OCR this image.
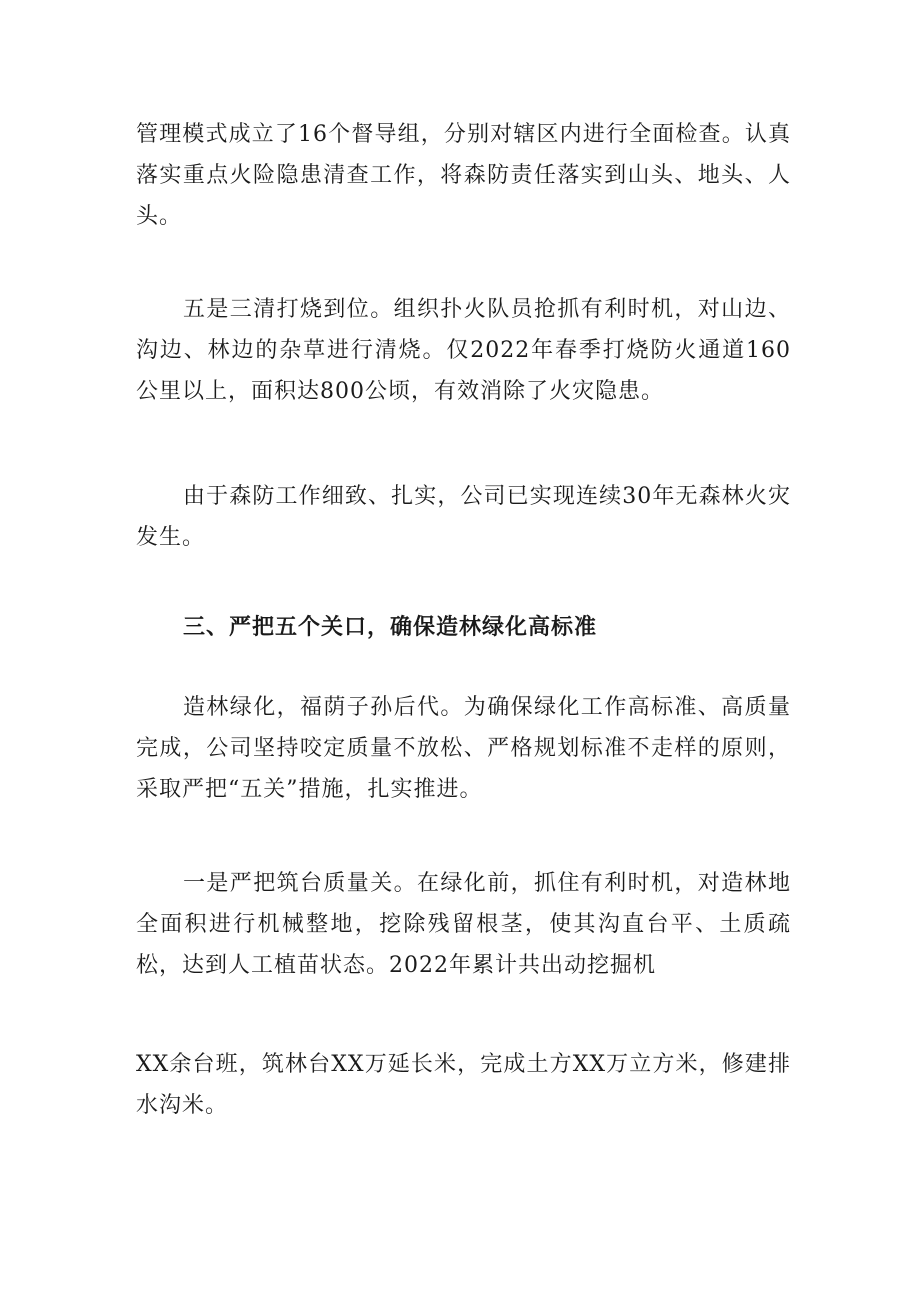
管理模式成立了16个督导组，分别对辖区内进行全面检查。认真落实重点火险隐患清查工作，将森防责任落实到山头、地头、人头。

五是三清打烧到位。组织扑火队员抢抓有利时机，对山边、沟边、林边的杂草进行清烧。仅2022年春季打烧防火通道160公里以上，面积达800公顷，有效消除了火灾隐患。

由于森防工作细致、扎实，公司已实现连续30年无森林火灾发生。

三、严把五个关口，确保造林绿化高标准

造林绿化，福荫子孙后代。为确保绿化工作高标准、高质量完成，公司坚持咬定质量不放松、严格规划标准不走样的原则，采取严把“五关”措施，扎实推进。

一是严把筑台质量关。在绿化前，抓住有利时机，对造林地全面积进行机械整地，挖除残留根茎，使其沟直台平、土质疏松，达到人工植苗状态。2022年累计共出动挖掘机

XX余台班，筑林台XX万延长米，完成土方XX万立方米，修建排水沟米。
